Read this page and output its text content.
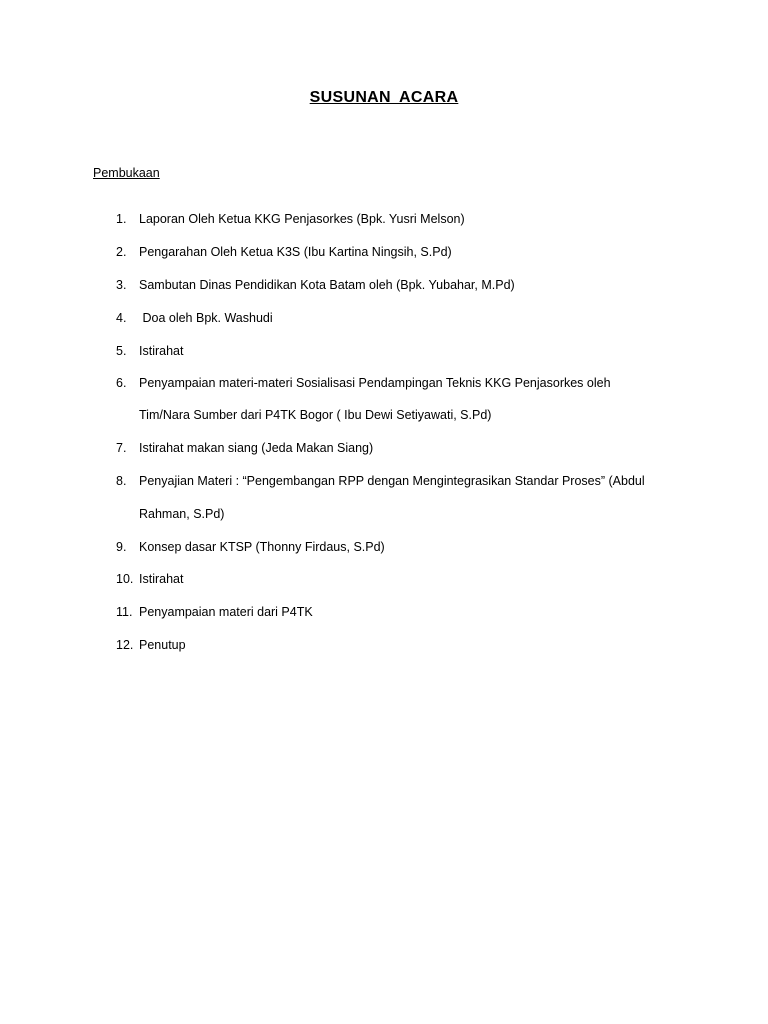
SUSUNAN ACARA
Pembukaan
1.	Laporan Oleh Ketua KKG Penjasorkes (Bpk. Yusri Melson)
2.	Pengarahan Oleh Ketua K3S (Ibu Kartina Ningsih, S.Pd)
3.	Sambutan Dinas Pendidikan Kota Batam oleh (Bpk. Yubahar, M.Pd)
4.	Doa oleh Bpk. Washudi
5.	Istirahat
6.	Penyampaian materi-materi Sosialisasi Pendampingan Teknis KKG Penjasorkes oleh
Tim/Nara Sumber dari P4TK Bogor ( Ibu Dewi Setiyawati, S.Pd)
7.	Istirahat makan siang (Jeda Makan Siang)
8.	Penyajian Materi : “Pengembangan RPP dengan Mengintegrasikan Standar Proses” (Abdul
Rahman, S.Pd)
9.	Konsep dasar KTSP (Thonny Firdaus, S.Pd)
10. Istirahat
11. Penyampaian materi dari P4TK
12. Penutup
